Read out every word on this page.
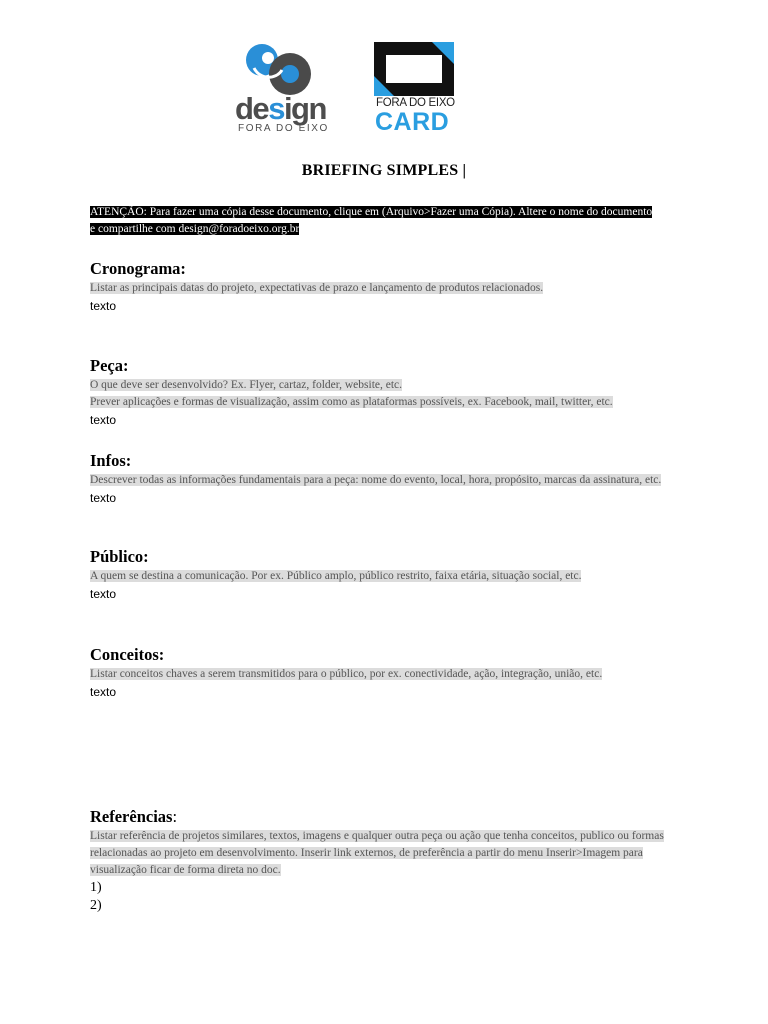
design
FORA DO EIXO
FORA DO EIXO
CARD
BRIEFING SIMPLES |
ATENÇÃO: Para fazer uma cópia desse documento, clique em (Arquivo>Fazer uma Cópia). Altere o nome do documento e compartilhe com design@foradoeixo.org.br
Cronograma:
Listar as principais datas do projeto, expectativas de prazo e lançamento de produtos relacionados.
texto
Peça:
O que deve ser desenvolvido? Ex. Flyer, cartaz, folder, website, etc.
Prever aplicações e formas de visualização, assim como as plataformas possíveis, ex. Facebook, mail, twitter, etc.
texto
Infos:
Descrever todas as informações fundamentais para a peça: nome do evento, local, hora, propósito, marcas da assinatura, etc.
texto
Público:
A quem se destina a comunicação. Por ex. Público amplo, público restrito, faixa etária, situação social, etc.
texto
Conceitos:
Listar conceitos chaves a serem transmitidos para o público, por ex. conectividade, ação, integração, união, etc.
texto
Referências:
Listar referência de projetos similares, textos, imagens e qualquer outra peça ou ação que tenha conceitos, publico ou formas relacionadas ao projeto em desenvolvimento. Inserir link externos, de preferência a partir do menu Inserir>Imagem para visualização ficar de forma direta no doc.
1)
2)
